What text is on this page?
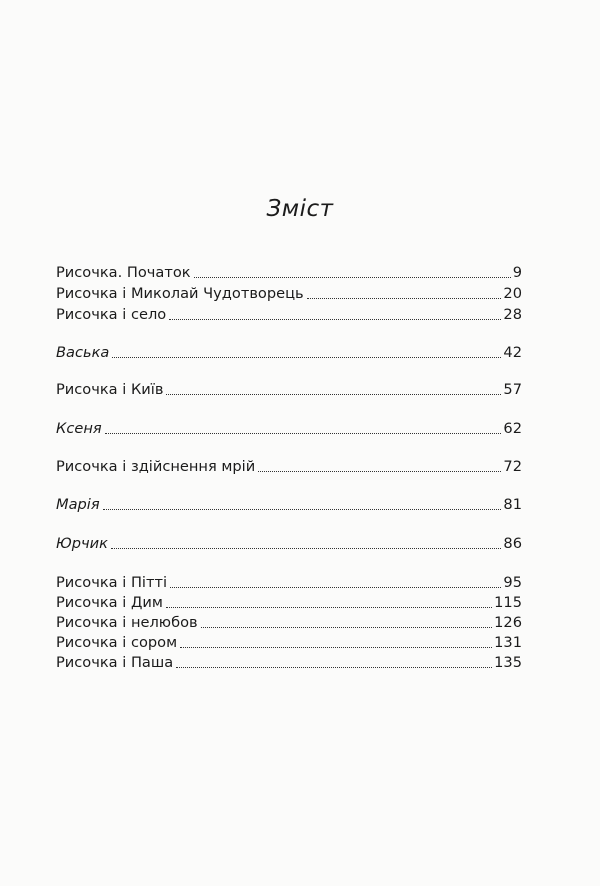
Зміст
Рисочка. Початок	9
Рисочка і Миколай Чудотворець	20
Рисочка і село	28
Васька	42
Рисочка і Київ	57
Ксеня	62
Рисочка і здійснення мрій	72
Марія	81
Юрчик	86
Рисочка і Пітті	95
Рисочка і Дим	115
Рисочка і нелюбов	126
Рисочка і сором	131
Рисочка і Паша	135
